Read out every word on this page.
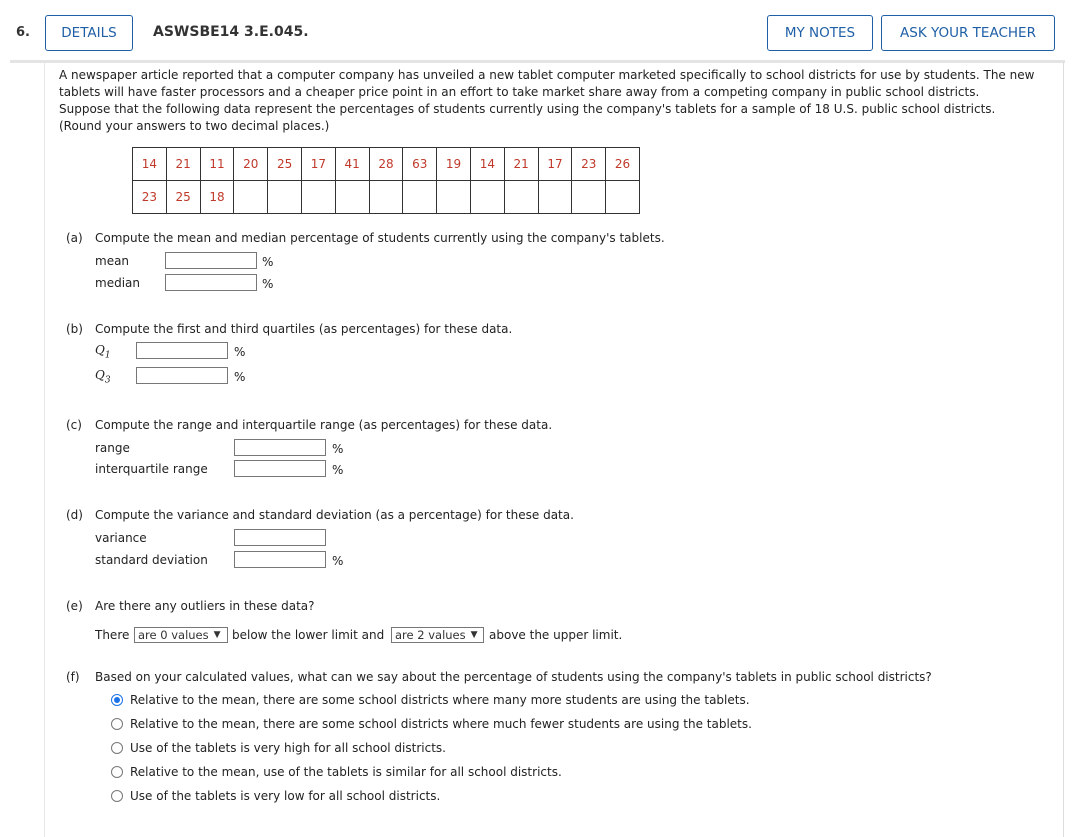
6.	DETAILS	ASWSBE14 3.E.045.	MY NOTES	ASK YOUR TEACHER
A newspaper article reported that a computer company has unveiled a new tablet computer marketed specifically to school districts for use by students. The new
tablets will have faster processors and a cheaper price point in an effort to take market share away from a competing company in public school districts.
Suppose that the following data represent the percentages of students currently using the company's tablets for a sample of 18 U.S. public school districts.
(Round your answers to two decimal places.)
14	21	11	20	25	17	41	28	63	19	14	21	17	23	26
23	25	18												
(a) Compute the mean and median percentage of students currently using the company's tablets.
mean	%
median	%
(b) Compute the first and third quartiles (as percentages) for these data.
$Q_1$	%
$Q_3$	%
(c) Compute the range and interquartile range (as percentages) for these data.
range	%
interquartile range	%
(d) Compute the variance and standard deviation (as a percentage) for these data.
variance
standard deviation	%
(e) Are there any outliers in these data?
There are 0 values ▼ below the lower limit and are 2 values ▼ above the upper limit.
(f) Based on your calculated values, what can we say about the percentage of students using the company's tablets in public school districts?
Relative to the mean, there are some school districts where many more students are using the tablets.
Relative to the mean, there are some school districts where much fewer students are using the tablets.
Use of the tablets is very high for all school districts.
Relative to the mean, use of the tablets is similar for all school districts.
Use of the tablets is very low for all school districts.
